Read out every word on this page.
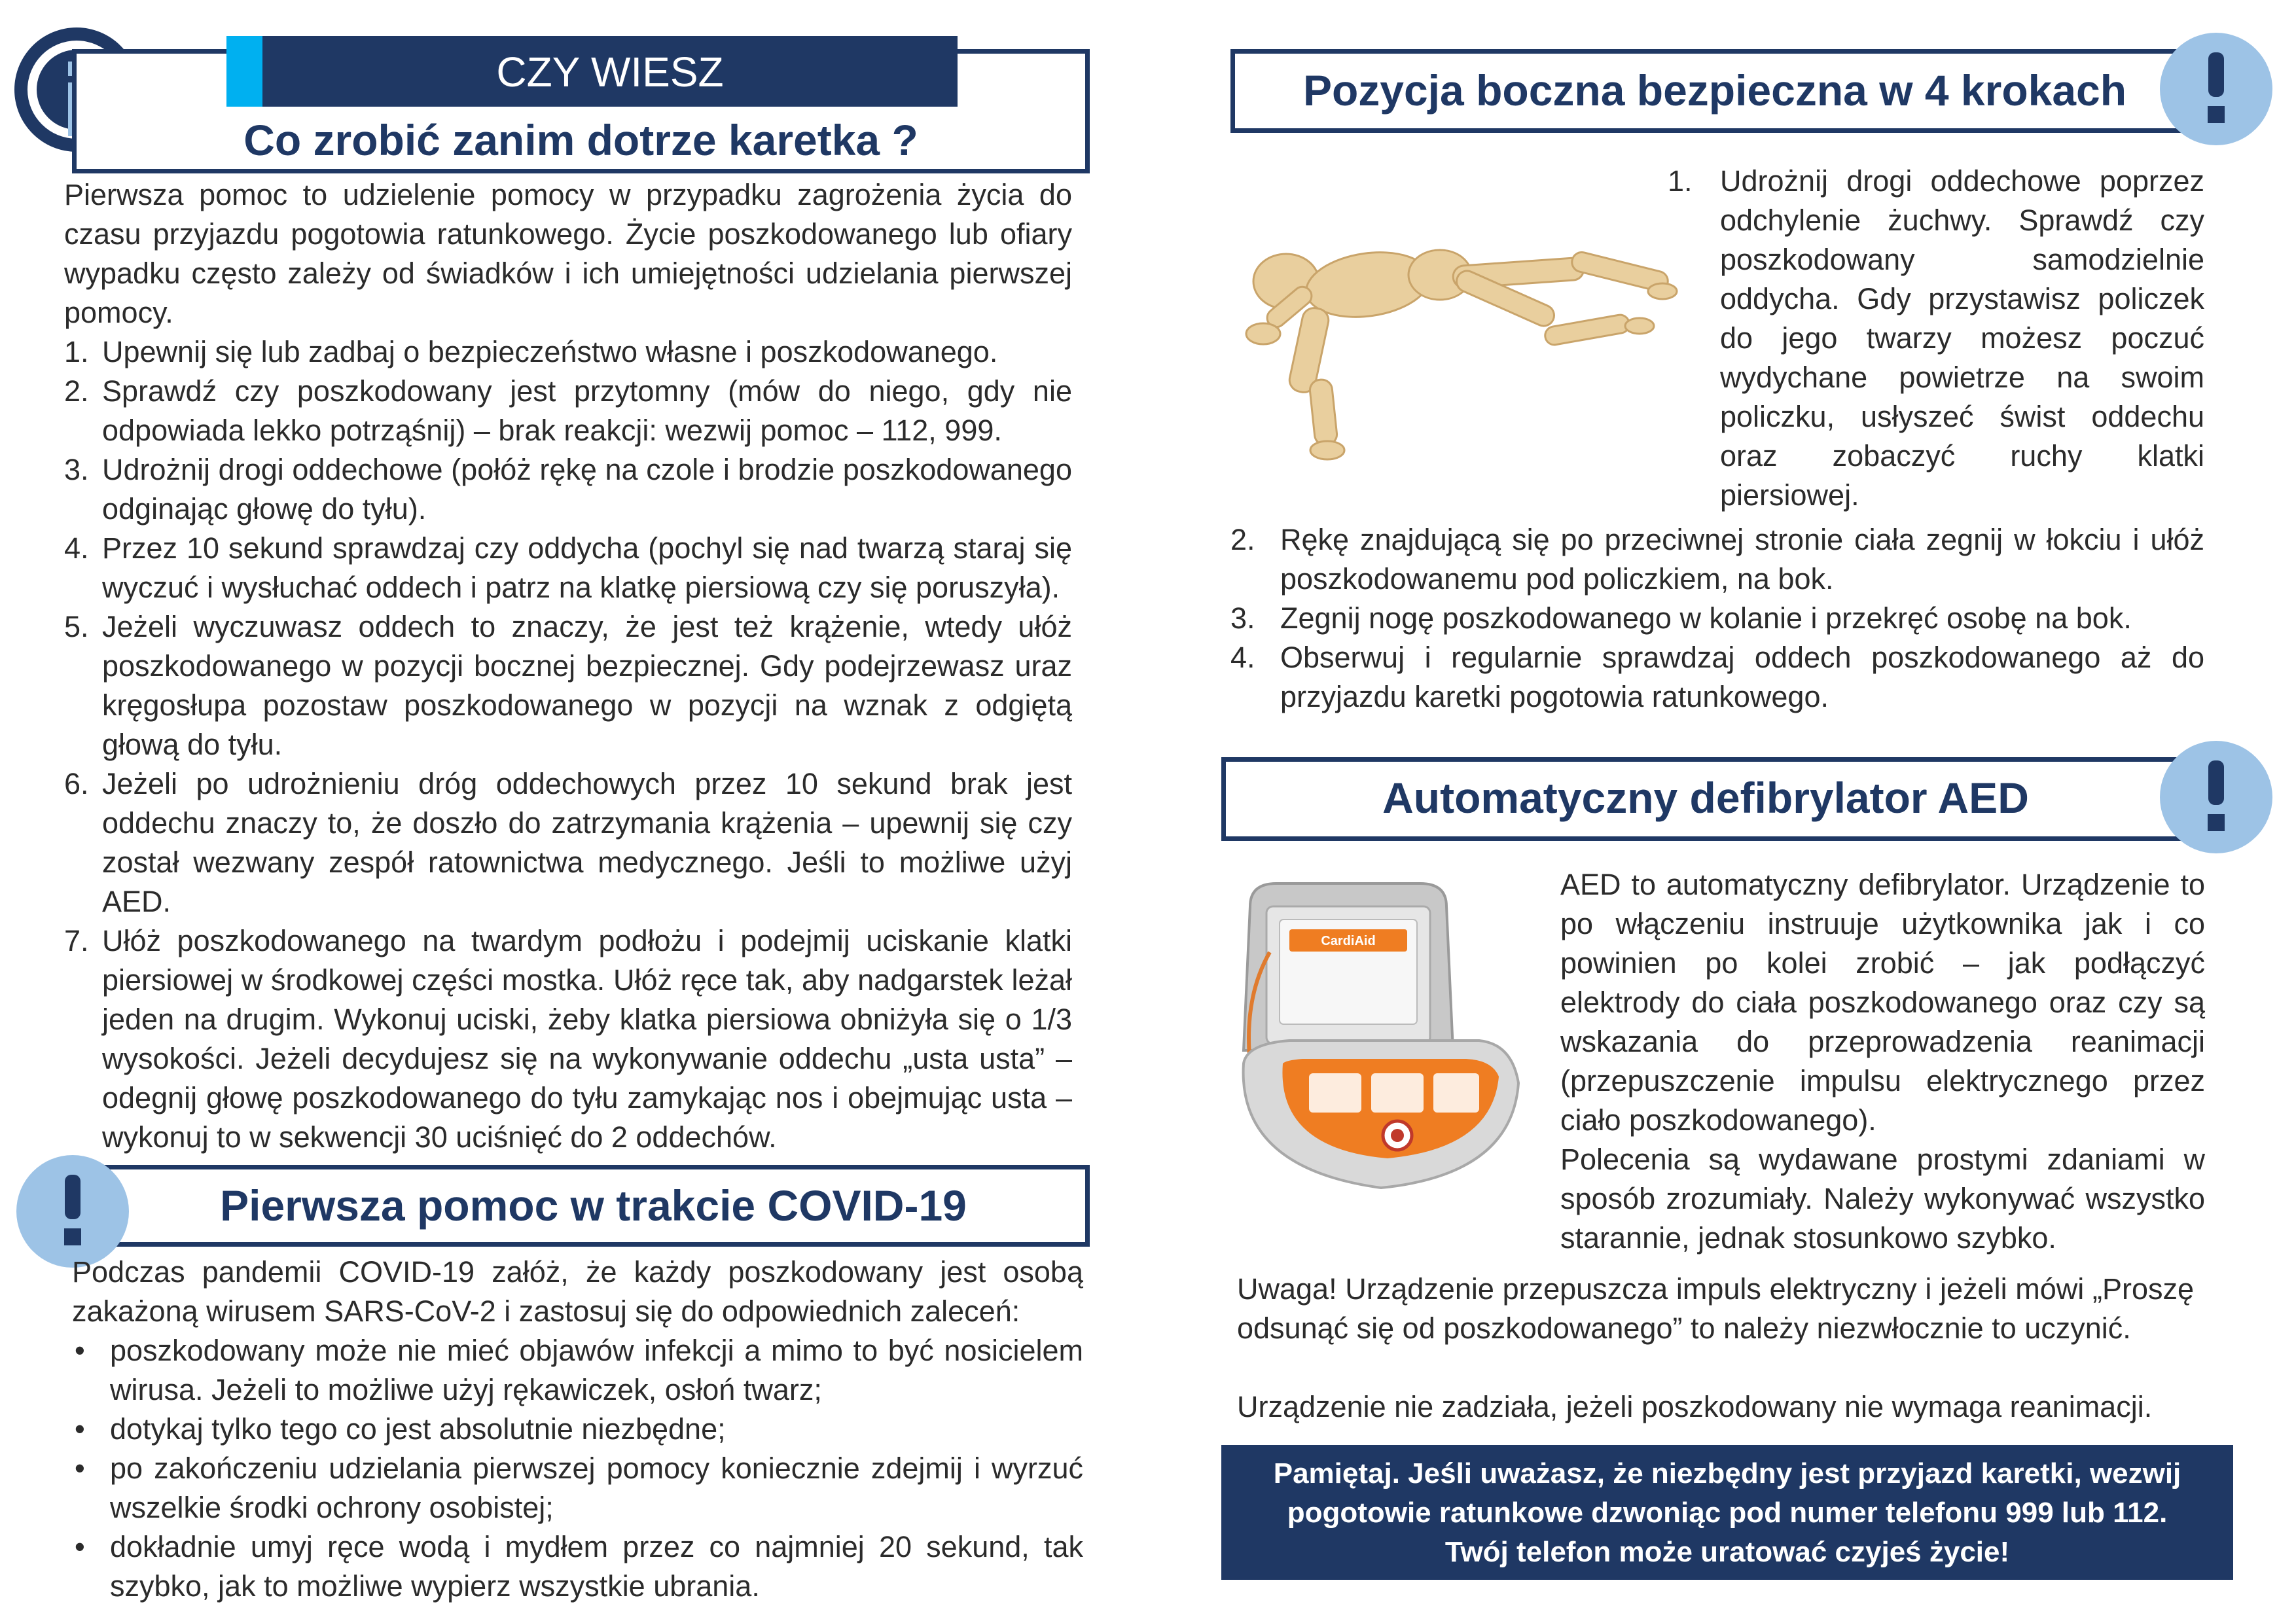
CZY WIESZ
Co zrobić zanim dotrze karetka ?
Pierwsza pomoc to udzielenie pomocy w przypadku zagrożenia życia do czasu przyjazdu pogotowia ratunkowego. Życie poszkodowanego lub ofiary wypadku często zależy od świadków i ich umiejętności udzielania pierwszej pomocy.
1. Upewnij się lub zadbaj o bezpieczeństwo własne i poszkodowanego.
2. Sprawdź czy poszkodowany jest przytomny (mów do niego, gdy nie odpowiada lekko potrząśnij) – brak reakcji: wezwij pomoc – 112, 999.
3. Udrożnij drogi oddechowe (połóż rękę na czole i brodzie poszkodowanego odginając głowę do tyłu).
4. Przez 10 sekund sprawdzaj czy oddycha (pochyl się nad twarzą staraj się wyczuć i wysłuchać oddech i patrz na klatkę piersiową czy się poruszyła).
5. Jeżeli wyczuwasz oddech to znaczy, że jest też krążenie, wtedy ułóż poszkodowanego w pozycji bocznej bezpiecznej. Gdy podejrzewasz uraz kręgosłupa pozostaw poszkodowanego w pozycji na wznak z odgiętą głową do tyłu.
6. Jeżeli po udrożnieniu dróg oddechowych przez 10 sekund brak jest oddechu znaczy to, że doszło do zatrzymania krążenia – upewnij się czy został wezwany zespół ratownictwa medycznego. Jeśli to możliwe użyj AED.
7. Ułóż poszkodowanego na twardym podłożu i podejmij uciskanie klatki piersiowej w środkowej części mostka. Ułóż ręce tak, aby nadgarstek leżał jeden na drugim. Wykonuj uciski, żeby klatka piersiowa obniżyła się o 1/3 wysokości. Jeżeli decydujesz się na wykonywanie oddechu „usta usta” – odegnij głowę poszkodowanego do tyłu zamykając nos i obejmując usta – wykonuj to w sekwencji 30 uciśnięć do 2 oddechów.
Pierwsza pomoc w trakcie COVID-19
Podczas pandemii COVID-19 załóż, że każdy poszkodowany jest osobą zakażoną wirusem SARS-CoV-2 i zastosuj się do odpowiednich zaleceń:
• poszkodowany może nie mieć objawów infekcji a mimo to być nosicielem wirusa. Jeżeli to możliwe użyj rękawiczek, osłoń twarz;
• dotykaj tylko tego co jest absolutnie niezbędne;
• po zakończeniu udzielania pierwszej pomocy koniecznie zdejmij i wyrzuć wszelkie środki ochrony osobistej;
• dokładnie umyj ręce wodą i mydłem przez co najmniej 20 sekund, tak szybko, jak to możliwe wypierz wszystkie ubrania.
Pozycja boczna bezpieczna w 4 krokach
1. Udrożnij drogi oddechowe poprzez odchylenie żuchwy. Sprawdź czy poszkodowany samodzielnie oddycha. Gdy przystawisz policzek do jego twarzy możesz poczuć wydychane powietrze na swoim policzku, usłyszeć świst oddechu oraz zobaczyć ruchy klatki piersiowej.
2. Rękę znajdującą się po przeciwnej stronie ciała zegnij w łokciu i ułóż poszkodowanemu pod policzkiem, na bok.
3. Zegnij nogę poszkodowanego w kolanie i przekręć osobę na bok.
4. Obserwuj i regularnie sprawdzaj oddech poszkodowanego aż do przyjazdu karetki pogotowia ratunkowego.
Automatyczny defibrylator AED
CardiAid
AED to automatyczny defibrylator. Urządzenie to po włączeniu instruuje użytkownika jak i co powinien po kolei zrobić – jak podłączyć elektrody do ciała poszkodowanego oraz czy są wskazania do przeprowadzenia reanimacji (przepuszczenie impulsu elektrycznego przez ciało poszkodowanego).
Polecenia są wydawane prostymi zdaniami w sposób zrozumiały. Należy wykonywać wszystko starannie, jednak stosunkowo szybko.
Uwaga! Urządzenie przepuszcza impuls elektryczny i jeżeli mówi „Proszę odsunąć się od poszkodowanego” to należy niezwłocznie to uczynić.
Urządzenie nie zadziała, jeżeli poszkodowany nie wymaga reanimacji.
Pamiętaj. Jeśli uważasz, że niezbędny jest przyjazd karetki, wezwij
pogotowie ratunkowe dzwoniąc pod numer telefonu 999 lub 112.
Twój telefon może uratować czyjeś życie!
